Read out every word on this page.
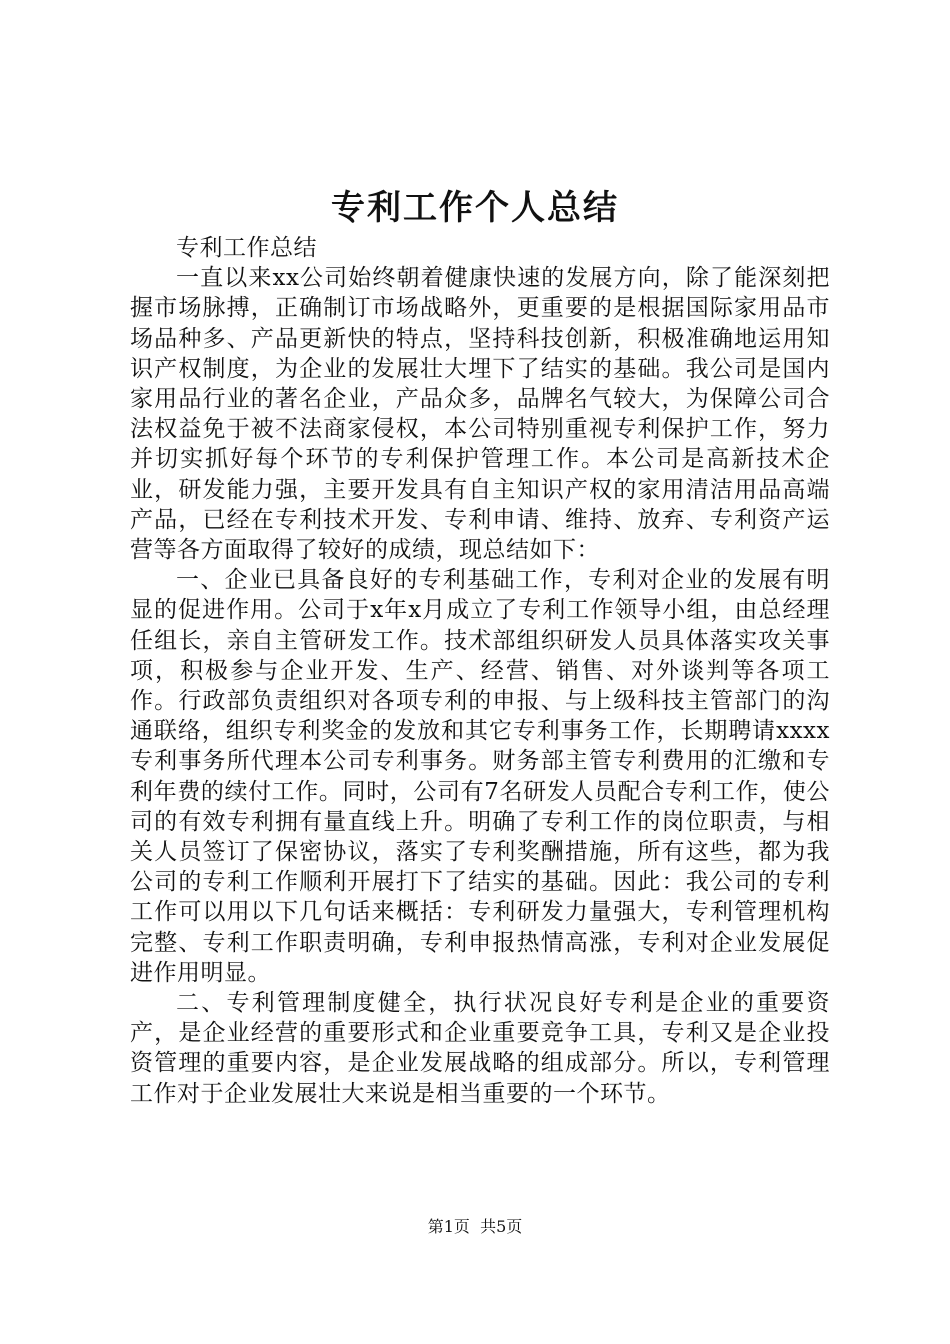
专利工作个人总结

专利工作总结

一直以来xx公司始终朝着健康快速的发展方向，除了能深刻把握市场脉搏，正确制订市场战略外，更重要的是根据国际家用品市场品种多、产品更新快的特点，坚持科技创新，积极准确地运用知识产权制度，为企业的发展壮大埋下了结实的基础。我公司是国内家用品行业的著名企业，产品众多，品牌名气较大，为保障公司合法权益免于被不法商家侵权，本公司特别重视专利保护工作，努力并切实抓好每个环节的专利保护管理工作。本公司是高新技术企业，研发能力强，主要开发具有自主知识产权的家用清洁用品高端产品，已经在专利技术开发、专利申请、维持、放弃、专利资产运营等各方面取得了较好的成绩，现总结如下：

一、企业已具备良好的专利基础工作，专利对企业的发展有明显的促进作用。公司于x年x月成立了专利工作领导小组，由总经理任组长，亲自主管研发工作。技术部组织研发人员具体落实攻关事项，积极参与企业开发、生产、经营、销售、对外谈判等各项工作。行政部负责组织对各项专利的申报、与上级科技主管部门的沟通联络，组织专利奖金的发放和其它专利事务工作，长期聘请xxxx专利事务所代理本公司专利事务。财务部主管专利费用的汇缴和专利年费的续付工作。同时，公司有7名研发人员配合专利工作，使公司的有效专利拥有量直线上升。明确了专利工作的岗位职责，与相关人员签订了保密协议，落实了专利奖酬措施，所有这些，都为我公司的专利工作顺利开展打下了结实的基础。因此：我公司的专利工作可以用以下几句话来概括：专利研发力量强大，专利管理机构完整、专利工作职责明确，专利申报热情高涨，专利对企业发展促进作用明显。

二、专利管理制度健全，执行状况良好专利是企业的重要资产，是企业经营的重要形式和企业重要竞争工具，专利又是企业投资管理的重要内容，是企业发展战略的组成部分。所以，专利管理工作对于企业发展壮大来说是相当重要的一个环节。

第1页  共5页
